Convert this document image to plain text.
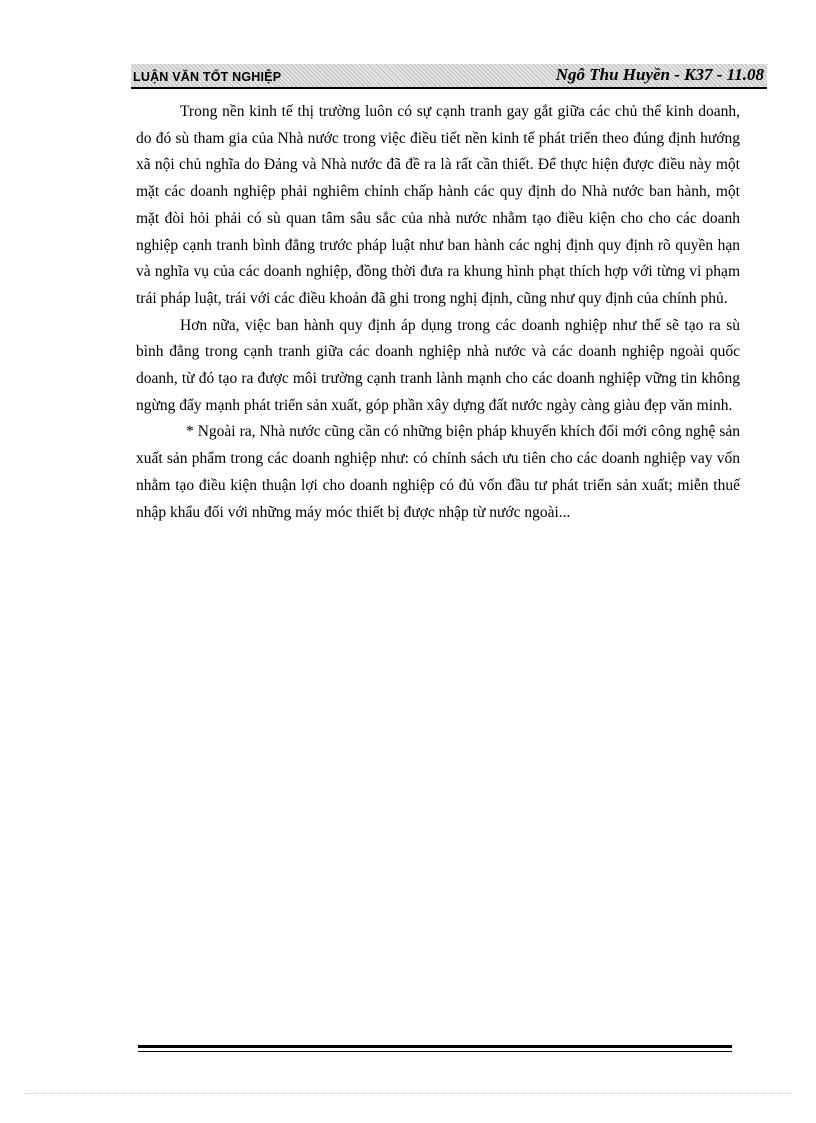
LUẬN VĂN TỐT NGHIỆP	Ngô Thu Huyền - K37 - 11.08

Trong nền kinh tế thị trường luôn có sự cạnh tranh gay gắt giữa các chủ thể kinh doanh, do đó sù tham gia của Nhà nước trong việc điều tiết nền kinh tế phát triển theo đúng định hướng xã nội chủ nghĩa do Đảng và Nhà nước đã đề ra là rất cần thiết. Để thực hiện được điều này một mặt các doanh nghiệp phải nghiêm chỉnh chấp hành các quy định do Nhà nước ban hành, một mặt đòi hỏi phải có sù quan tâm sâu sắc của nhà nước nhằm tạo điều kiện cho cho các doanh nghiệp cạnh tranh bình đẳng trước pháp luật như ban hành các nghị định quy định rõ quyền hạn và nghĩa vụ của các doanh nghiệp, đồng thời đưa ra khung hình phạt thích hợp với từng vi phạm trái pháp luật, trái với các điều khoản đã ghi trong nghị định, cũng như quy định của chính phủ.

Hơn nữa, việc ban hành quy định áp dụng trong các doanh nghiệp như thế sẽ tạo ra sù bình đẳng trong cạnh tranh giữa các doanh nghiệp nhà nước và các doanh nghiệp ngoài quốc doanh, từ đó tạo ra được môi trường cạnh tranh lành mạnh cho các doanh nghiệp vững tin không ngừng đẩy mạnh phát triển sản xuất, góp phần xây dựng đất nước ngày càng giàu đẹp văn minh.

* Ngoài ra, Nhà nước cũng cần có những biện pháp khuyến khích đổi mới công nghệ sản xuất sản phẩm trong các doanh nghiệp như: có chính sách ưu tiên cho các doanh nghiệp vay vốn nhằm tạo điều kiện thuận lợi cho doanh nghiệp có đủ vốn đầu tư phát triển sản xuất; miễn thuế nhập khẩu đối với những máy móc thiết bị được nhập từ nước ngoài...
